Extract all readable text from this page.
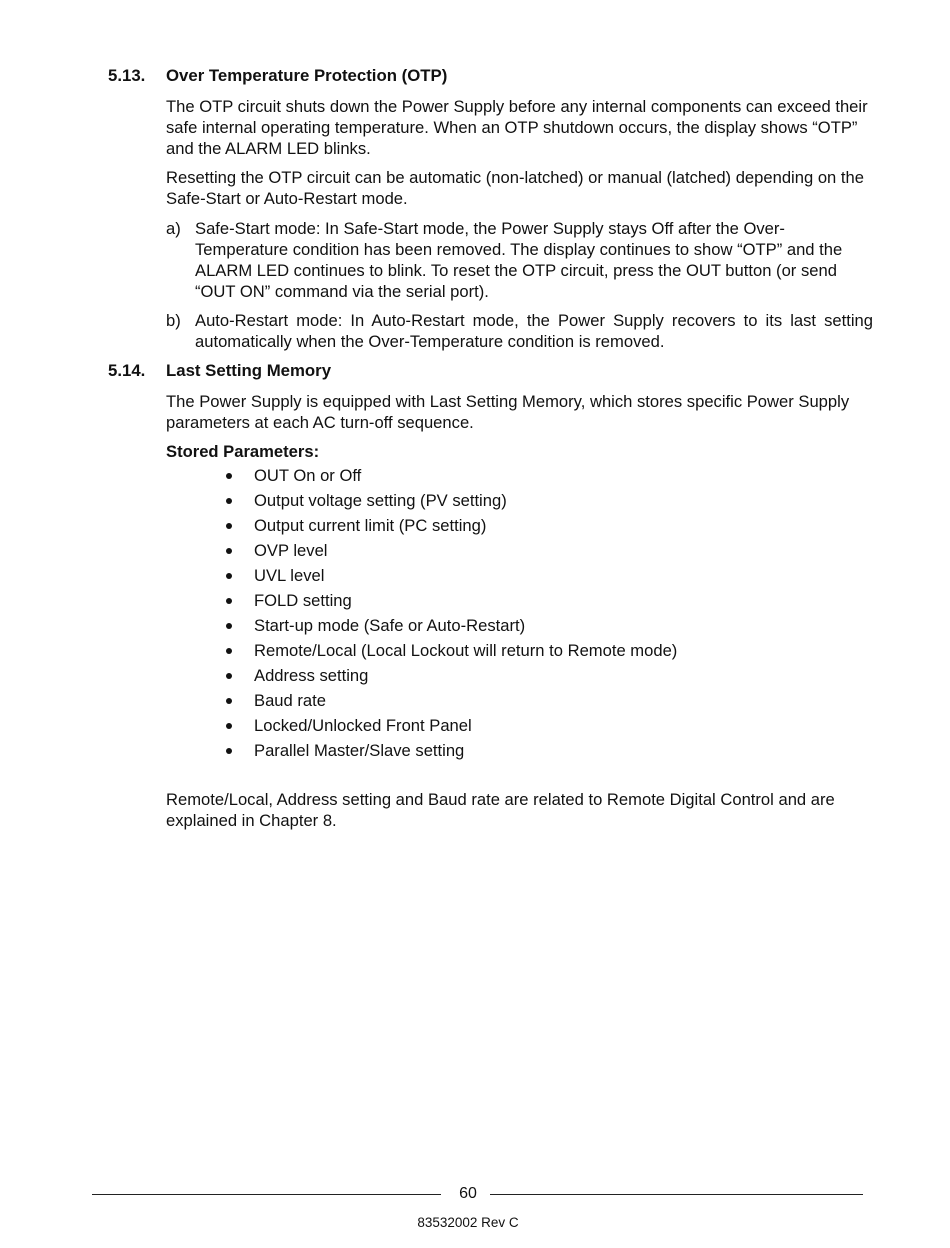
5.13. Over Temperature Protection (OTP)

The OTP circuit shuts down the Power Supply before any internal components can exceed their safe internal operating temperature. When an OTP shutdown occurs, the display shows “OTP” and the ALARM LED blinks.

Resetting the OTP circuit can be automatic (non-latched) or manual (latched) depending on the Safe-Start or Auto-Restart mode.

a) Safe-Start mode: In Safe-Start mode, the Power Supply stays Off after the Over-Temperature condition has been removed. The display continues to show “OTP” and the ALARM LED continues to blink. To reset the OTP circuit, press the OUT button (or send “OUT ON” command via the serial port).
b) Auto-Restart mode: In Auto-Restart mode, the Power Supply recovers to its last setting automatically when the Over-Temperature condition is removed.
5.14. Last Setting Memory

The Power Supply is equipped with Last Setting Memory, which stores specific Power Supply parameters at each AC turn-off sequence.

Stored Parameters:

OUT On or Off
Output voltage setting (PV setting)
Output current limit (PC setting)
OVP level
UVL level
FOLD setting
Start-up mode (Safe or Auto-Restart)
Remote/Local (Local Lockout will return to Remote mode)
Address setting
Baud rate
Locked/Unlocked Front Panel
Parallel Master/Slave setting

Remote/Local, Address setting and Baud rate are related to Remote Digital Control and are explained in Chapter 8.

60
83532002 Rev C
